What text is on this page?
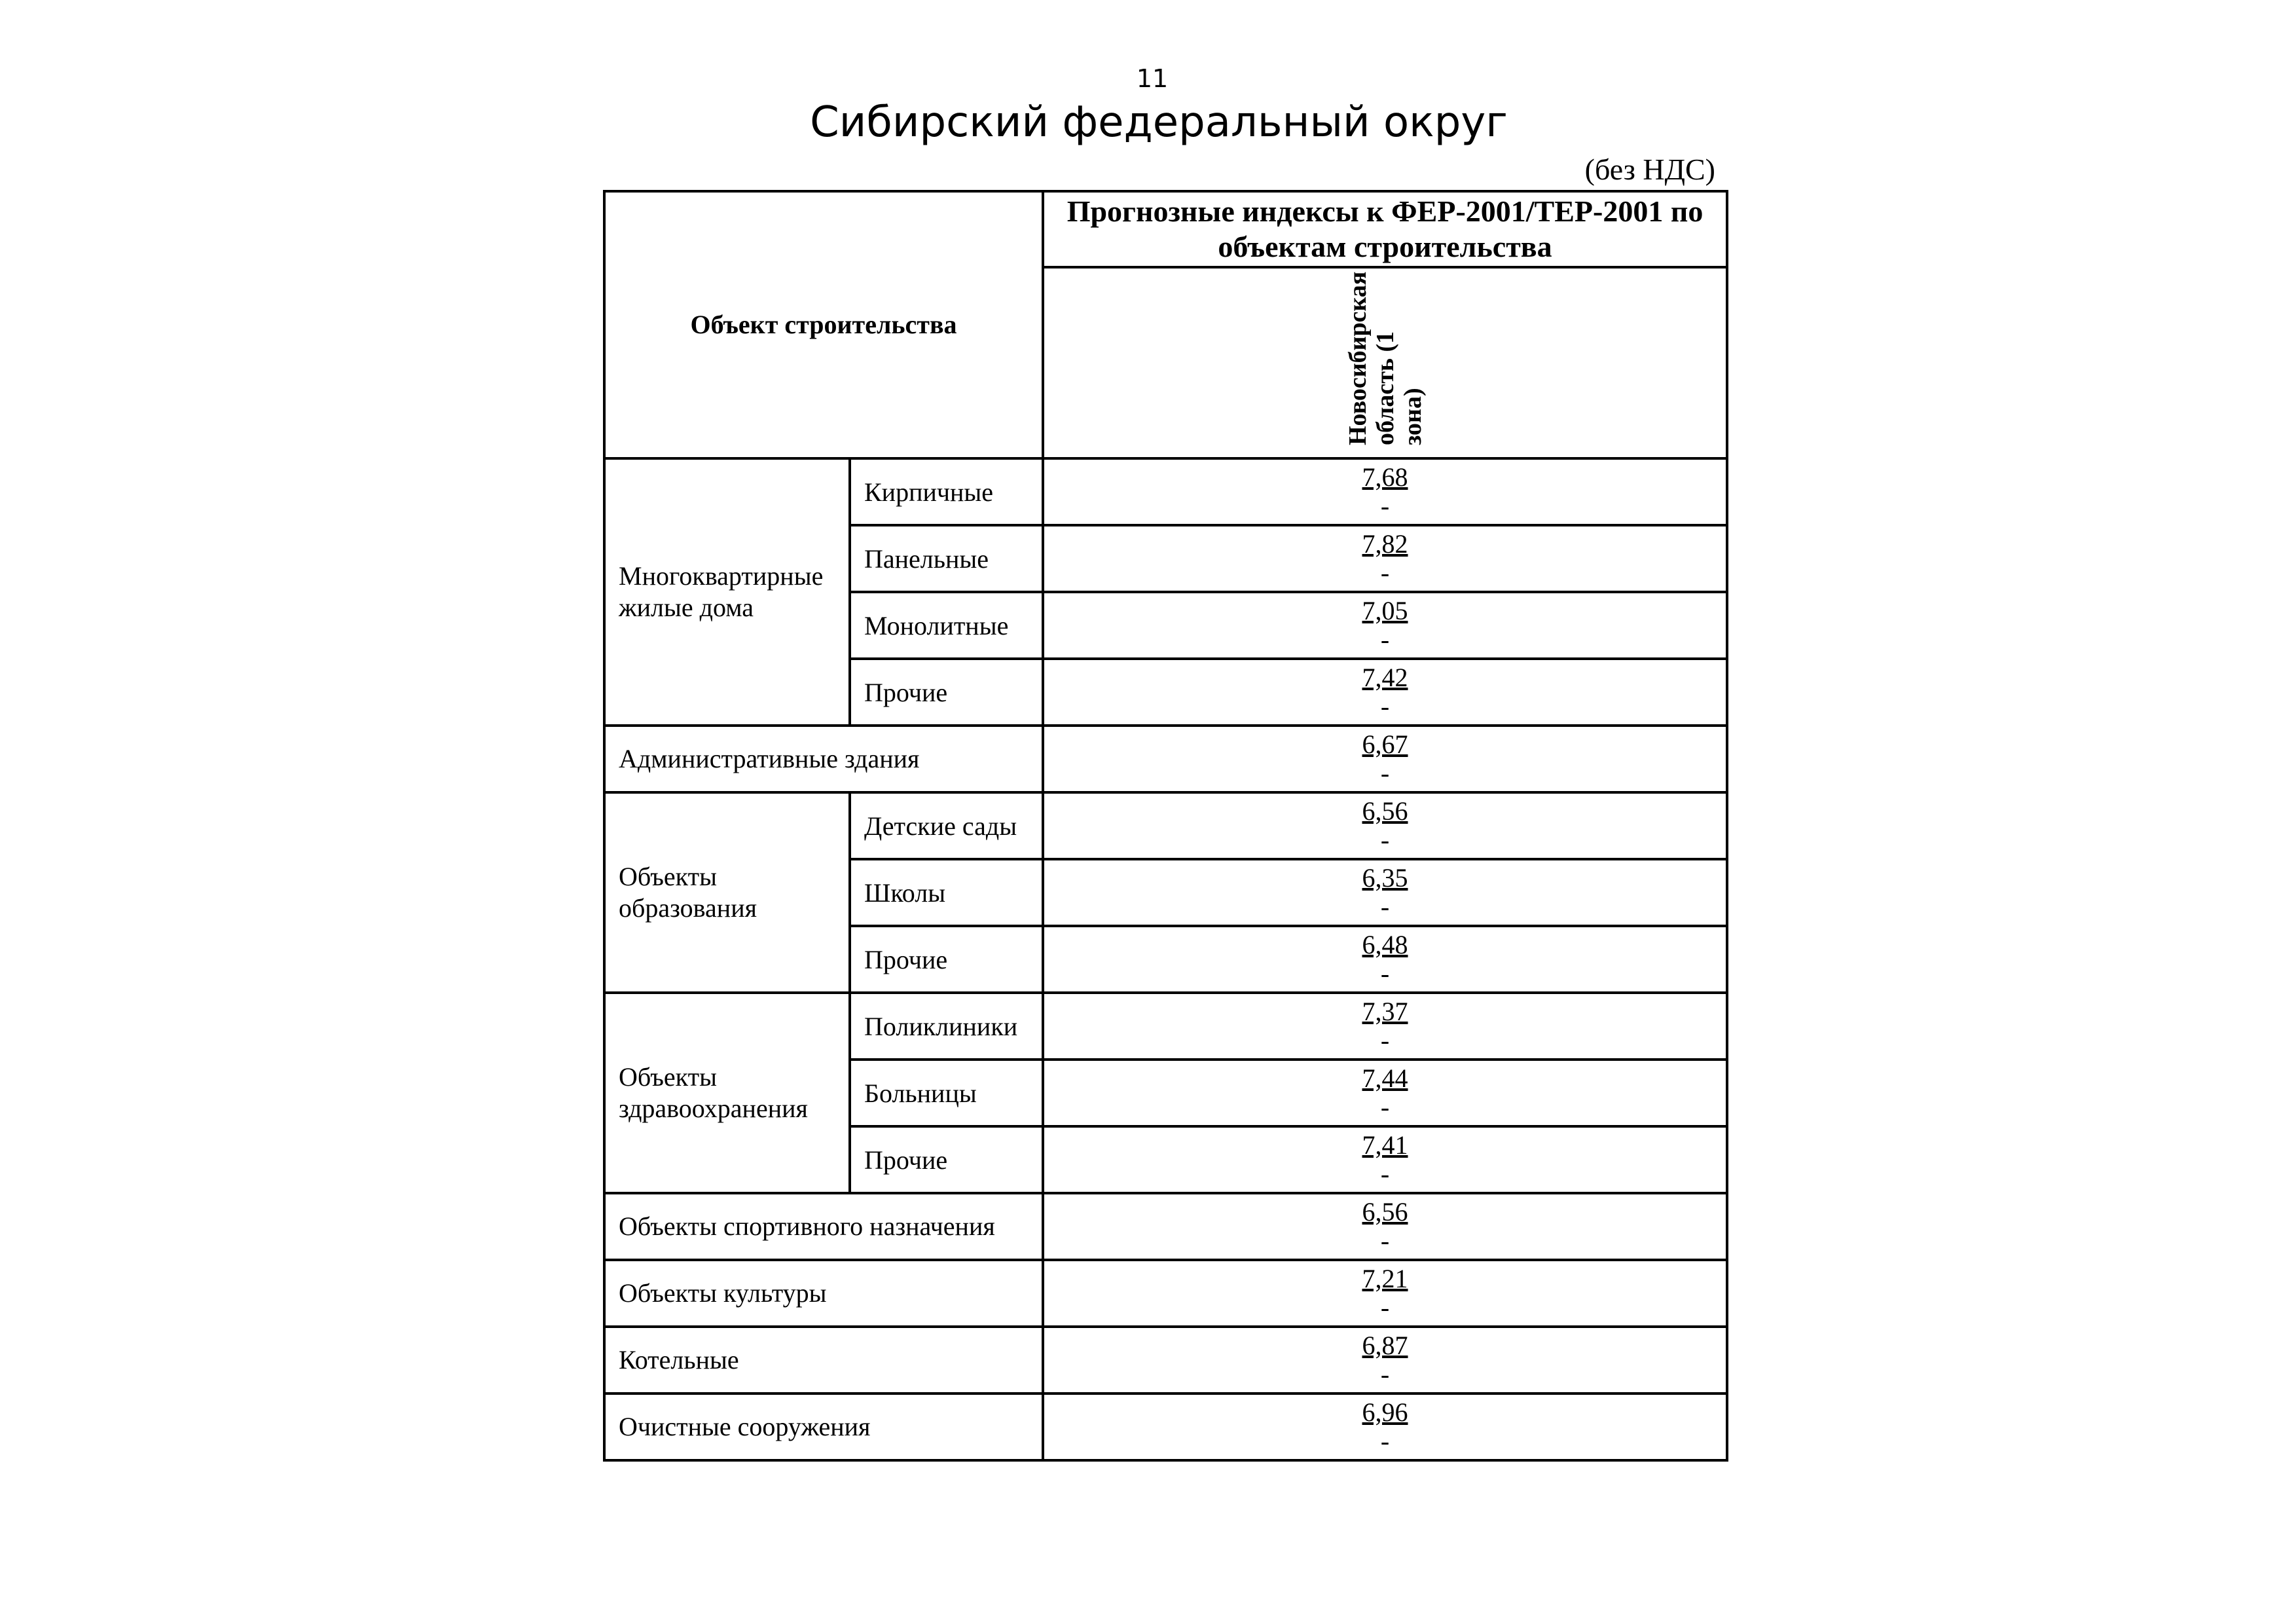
11
Сибирский федеральный округ
(без НДС)
Объект строительства		Прогнозные индексы к ФЕР-2001/ТЕР-2001 по объектам строительства
		Новосибирская область (1 зона)
Многоквартирные жилые дома	Кирпичные	7,68
-

	Панельные	7,82
-

	Монолитные	7,05
-

	Прочие	7,42
-

Административные здания		6,67
-

Объекты образования	Детские сады	6,56
-

	Школы	6,35
-

	Прочие	6,48
-

Объекты здравоохранения	Поликлиники	7,37
-

	Больницы	7,44
-

	Прочие	7,41
-

Объекты спортивного назначения		6,56
-

Объекты культуры		7,21
-

Котельные		6,87
-

Очистные сооружения		6,96
-
